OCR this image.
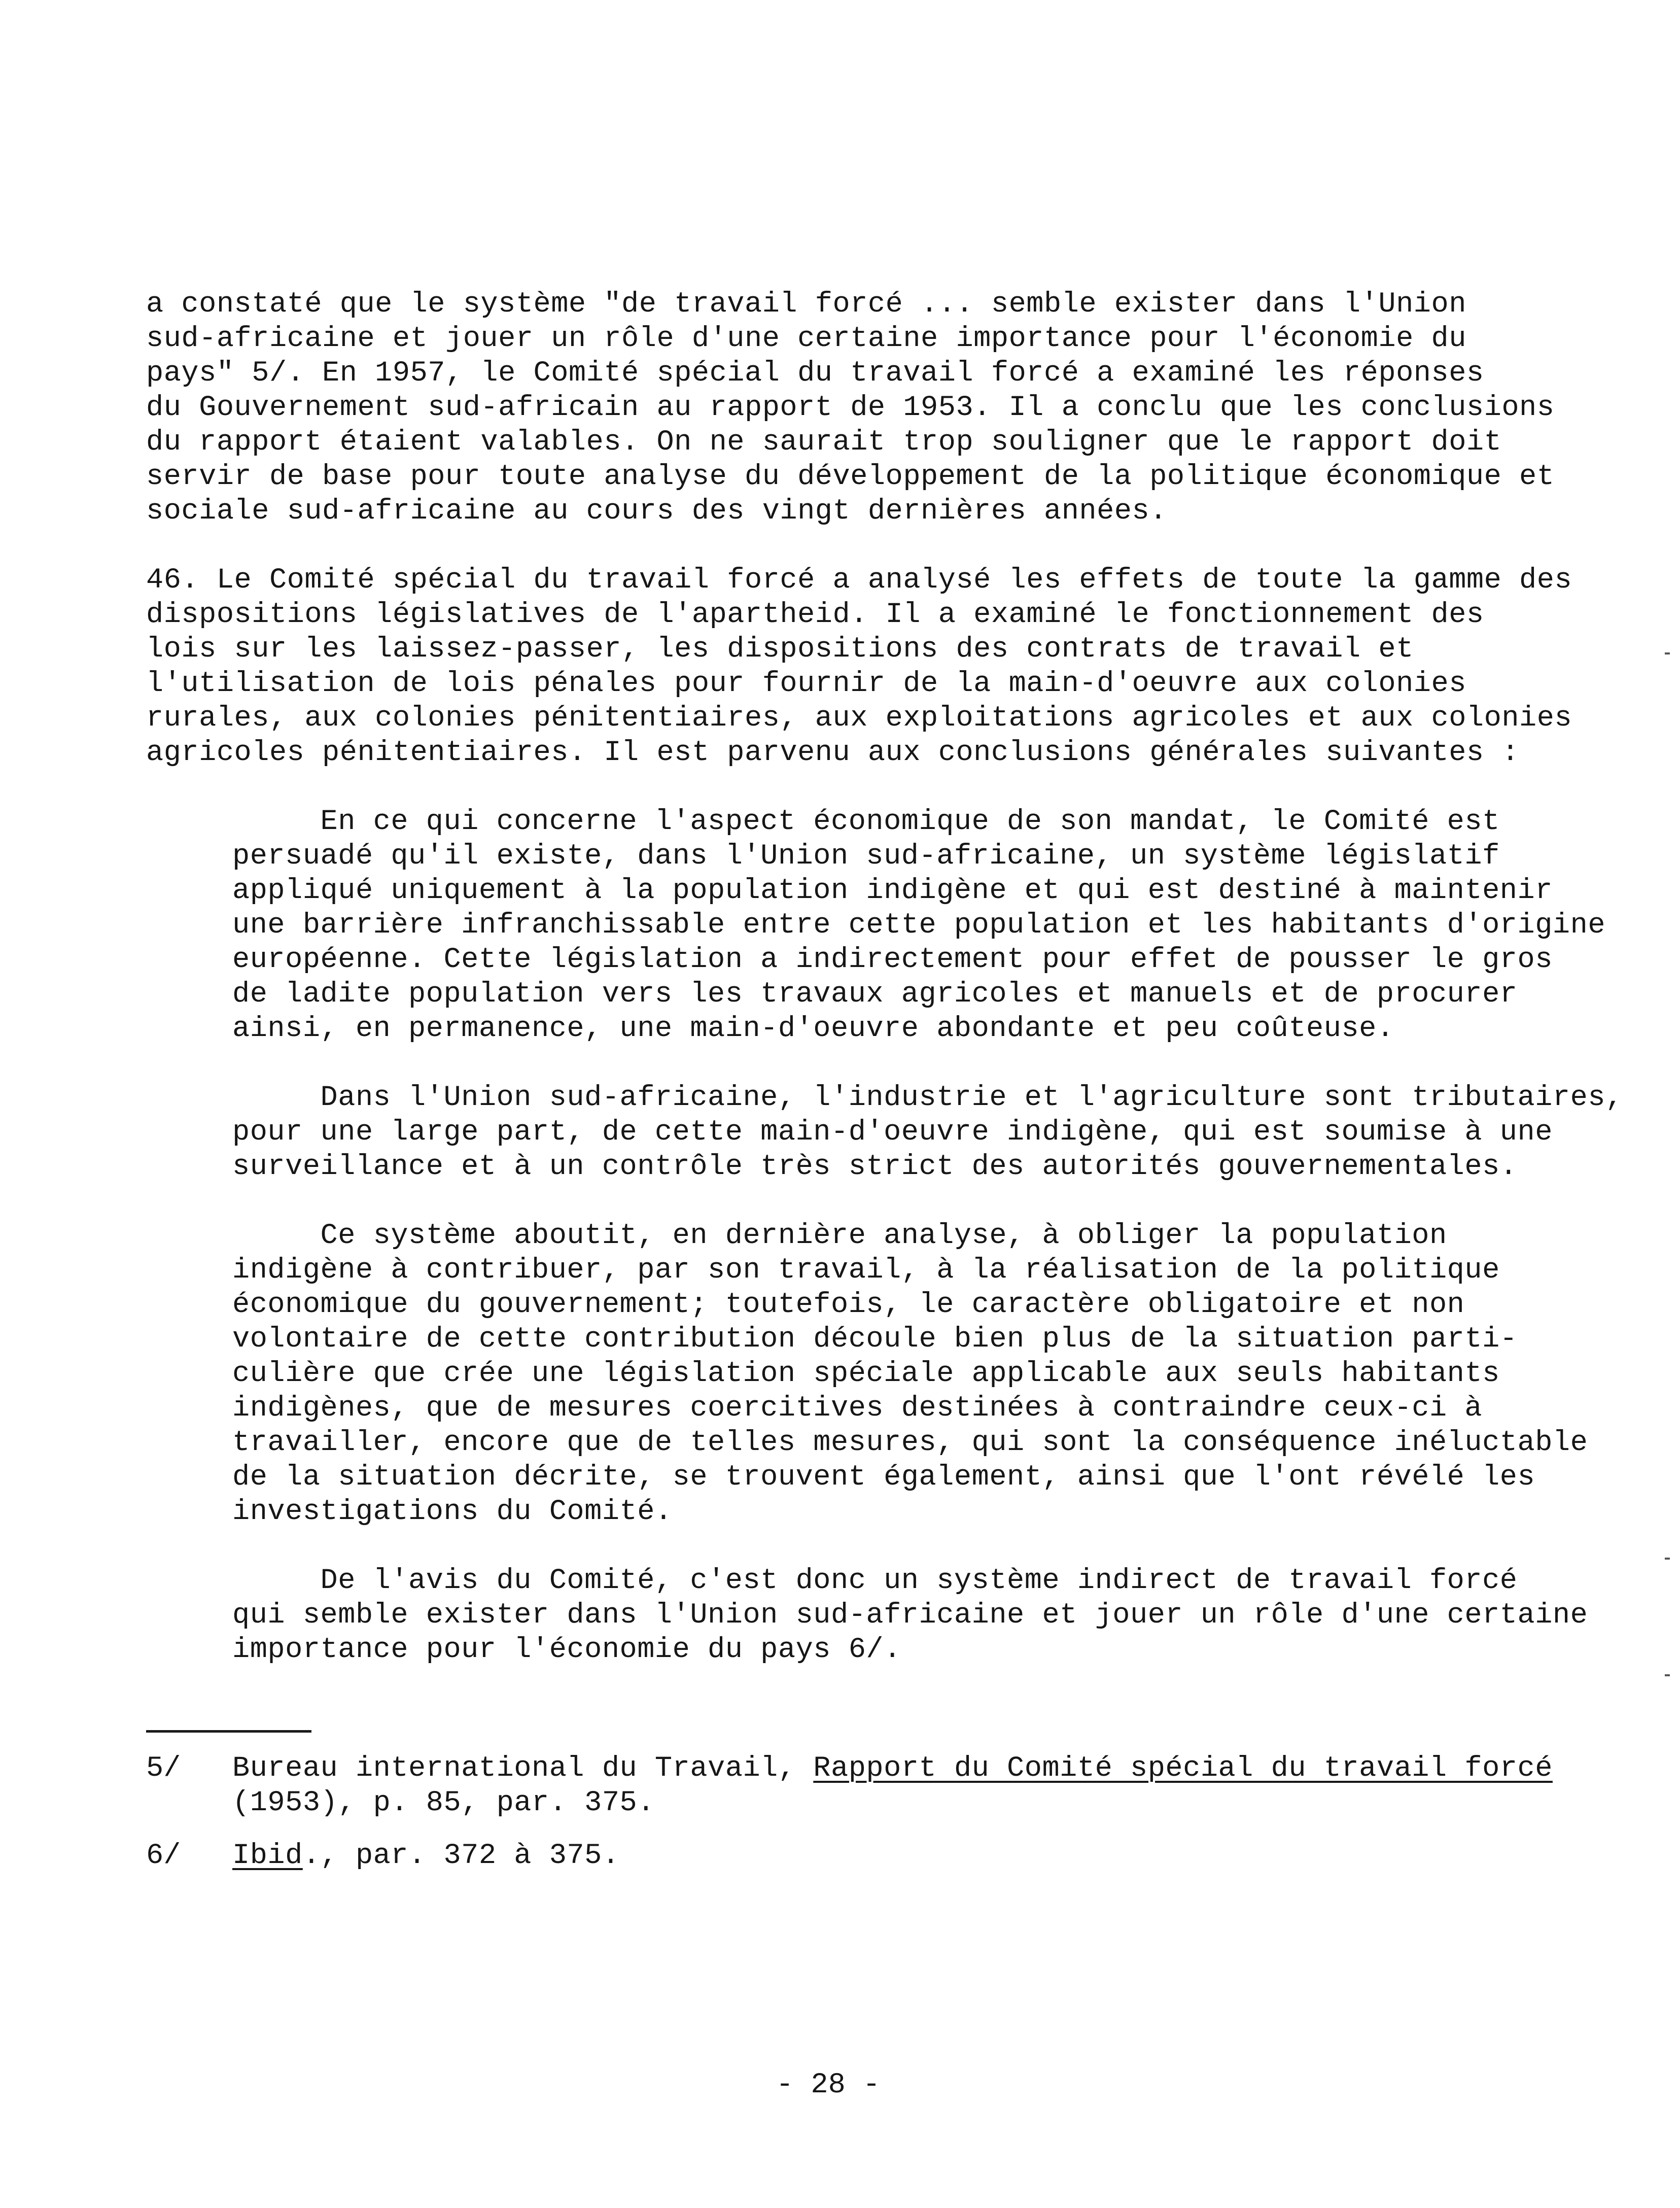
a constaté que le système "de travail forcé ... semble exister dans l'Union
sud-africaine et jouer un rôle d'une certaine importance pour l'économie du
pays" 5/. En 1957, le Comité spécial du travail forcé a examiné les réponses
du Gouvernement sud-africain au rapport de 1953. Il a conclu que les conclusions
du rapport étaient valables. On ne saurait trop souligner que le rapport doit
servir de base pour toute analyse du développement de la politique économique et
sociale sud-africaine au cours des vingt dernières années.
46. Le Comité spécial du travail forcé a analysé les effets de toute la gamme des
dispositions législatives de l'apartheid. Il a examiné le fonctionnement des
lois sur les laissez-passer, les dispositions des contrats de travail et
l'utilisation de lois pénales pour fournir de la main-d'oeuvre aux colonies
rurales, aux colonies pénitentiaires, aux exploitations agricoles et aux colonies
agricoles pénitentiaires. Il est parvenu aux conclusions générales suivantes :
En ce qui concerne l'aspect économique de son mandat, le Comité est
persuadé qu'il existe, dans l'Union sud-africaine, un système législatif
appliqué uniquement à la population indigène et qui est destiné à maintenir
une barrière infranchissable entre cette population et les habitants d'origine
européenne. Cette législation a indirectement pour effet de pousser le gros
de ladite population vers les travaux agricoles et manuels et de procurer
ainsi, en permanence, une main-d'oeuvre abondante et peu coûteuse.
Dans l'Union sud-africaine, l'industrie et l'agriculture sont tributaires,
pour une large part, de cette main-d'oeuvre indigène, qui est soumise à une
surveillance et à un contrôle très strict des autorités gouvernementales.
Ce système aboutit, en dernière analyse, à obliger la population
indigène à contribuer, par son travail, à la réalisation de la politique
économique du gouvernement; toutefois, le caractère obligatoire et non
volontaire de cette contribution découle bien plus de la situation parti-
culière que crée une législation spéciale applicable aux seuls habitants
indigènes, que de mesures coercitives destinées à contraindre ceux-ci à
travailler, encore que de telles mesures, qui sont la conséquence inéluctable
de la situation décrite, se trouvent également, ainsi que l'ont révélé les
investigations du Comité.
De l'avis du Comité, c'est donc un système indirect de travail forcé
qui semble exister dans l'Union sud-africaine et jouer un rôle d'une certaine
importance pour l'économie du pays 6/.
5/ Bureau international du Travail, Rapport du Comité spécial du travail forcé
(1953), p. 85, par. 375.
6/ Ibid., par. 372 à 375.
- 28 -
